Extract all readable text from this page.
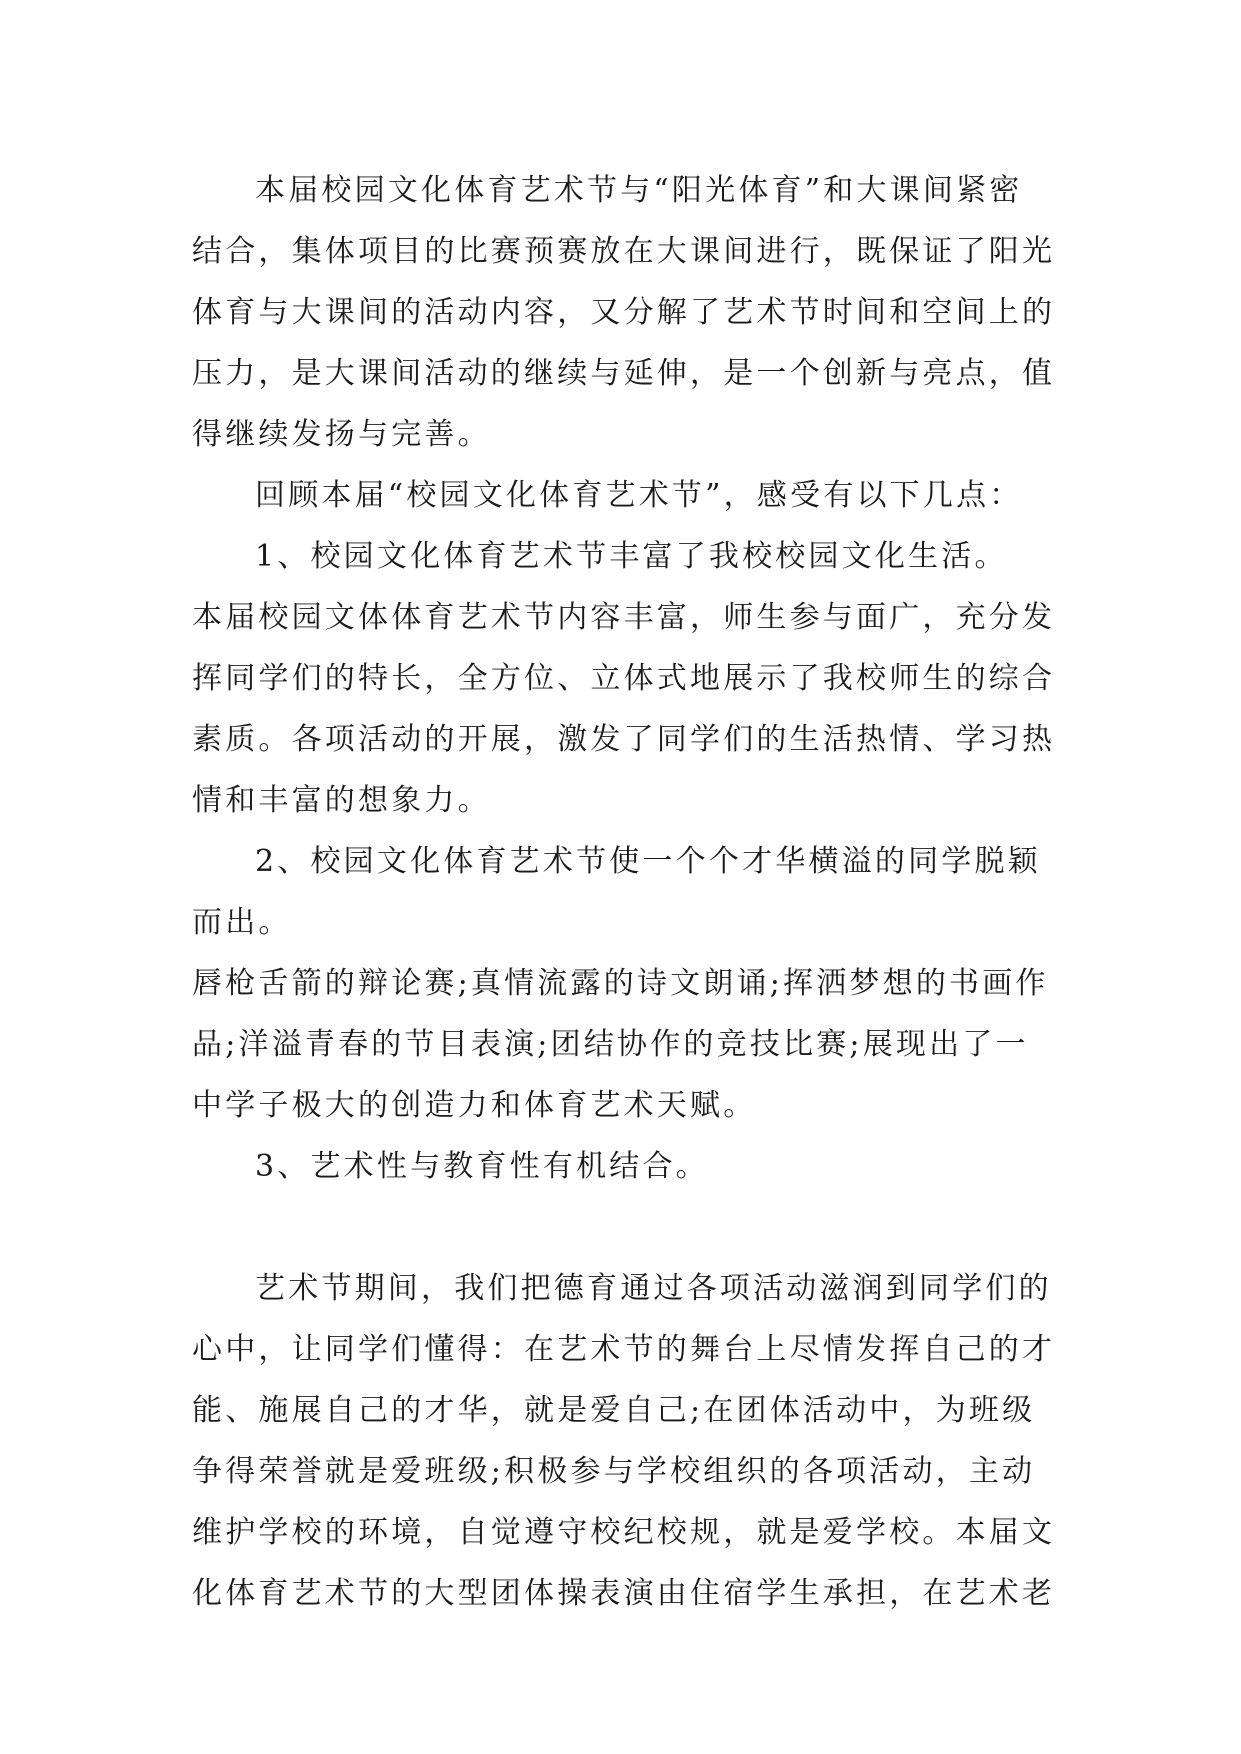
本届校园文化体育艺术节与“阳光体育”和大课间紧密
结合，集体项目的比赛预赛放在大课间进行，既保证了阳光
体育与大课间的活动内容，又分解了艺术节时间和空间上的
压力，是大课间活动的继续与延伸，是一个创新与亮点，值
得继续发扬与完善。
回顾本届“校园文化体育艺术节”，感受有以下几点：
1、校园文化体育艺术节丰富了我校校园文化生活。
本届校园文体体育艺术节内容丰富，师生参与面广，充分发
挥同学们的特长，全方位、立体式地展示了我校师生的综合
素质。各项活动的开展，激发了同学们的生活热情、学习热
情和丰富的想象力。
2、校园文化体育艺术节使一个个才华横溢的同学脱颖
而出。
唇枪舌箭的辩论赛;真情流露的诗文朗诵;挥洒梦想的书画作
品;洋溢青春的节目表演;团结协作的竞技比赛;展现出了一
中学子极大的创造力和体育艺术天赋。
3、艺术性与教育性有机结合。
艺术节期间，我们把德育通过各项活动滋润到同学们的
心中，让同学们懂得：在艺术节的舞台上尽情发挥自己的才
能、施展自己的才华，就是爱自己;在团体活动中，为班级
争得荣誉就是爱班级;积极参与学校组织的各项活动，主动
维护学校的环境，自觉遵守校纪校规，就是爱学校。本届文
化体育艺术节的大型团体操表演由住宿学生承担，在艺术老
